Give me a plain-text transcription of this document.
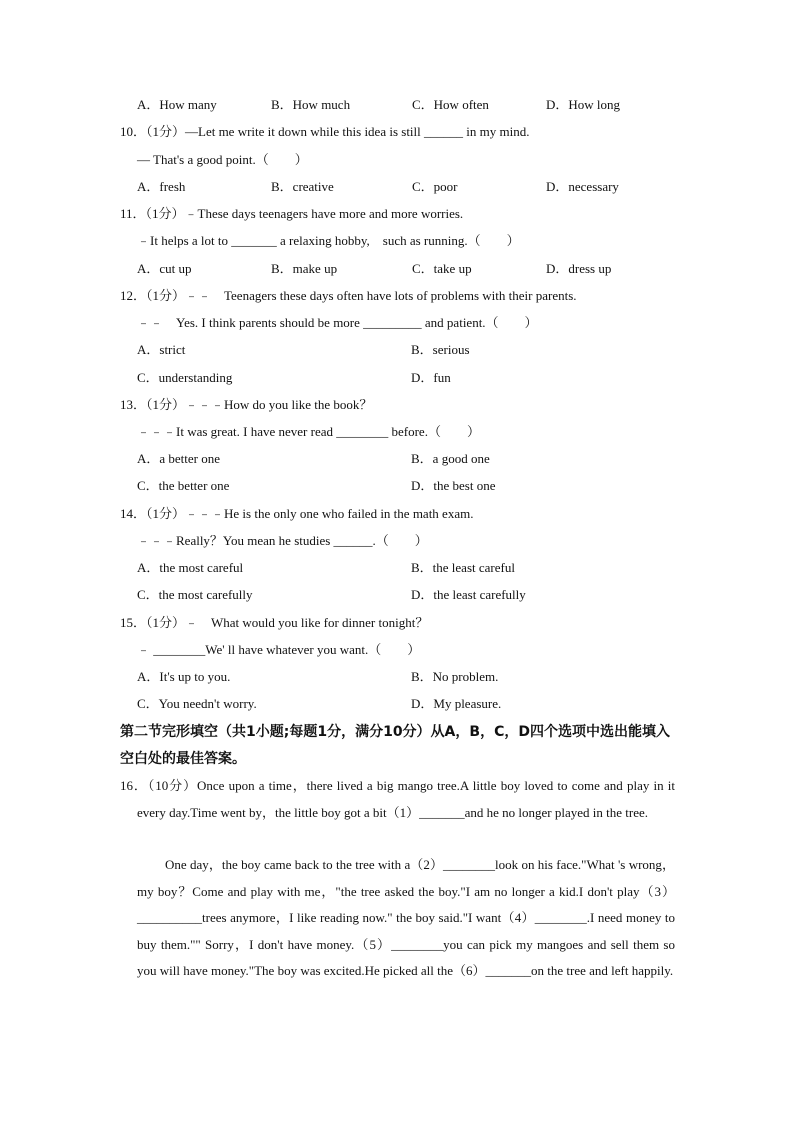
A．How many	B．How much	C．How often	D．How long
10．（1分）—Let me write it down while this idea is still ______ in my mind.
— That's a good point.（　　）
A．fresh	B．creative	C．poor	D．necessary
11．（1分）﹣These days teenagers have more and more worries.
﹣It helps a lot to _______ a relaxing hobby,　such as running.（　　）
A．cut up	B．make up	C．take up	D．dress up
12．（1分）﹣﹣　Teenagers these days often have lots of problems with their parents.
﹣﹣　Yes. I think parents should be more _________ and patient.（　　）
A．strict	B．serious
C．understanding	D．fun
13．（1分）﹣﹣﹣How do you like the book？
﹣﹣﹣It was great. I have never read ________ before.（　　）
A．a better one	B．a good one
C．the better one	D．the best one
14．（1分）﹣﹣﹣He is the only one who failed in the math exam.
﹣﹣﹣Really？You mean he studies ______.（　　）
A．the most careful	B．the least careful
C．the most carefully	D．the least carefully
15．（1分）﹣　What would you like for dinner tonight？
﹣ ________We' ll have whatever you want.（　　）
A．It's up to you.	B．No problem.
C．You needn't worry.	D．My pleasure.
第二节完形填空（共1小题;每题1分，满分10分）从A，B，C，D四个选项中选出能填入空白处的最佳答案。
16．（10分）Once upon a time，there lived a big mango tree.A little boy loved to come and play in it every day.Time went by，the little boy got a bit（1）_______and he no longer played in the tree.
One day，the boy came back to the tree with a（2）________look on his face."What 's wrong，my boy？Come and play with me，"the tree asked the boy."I am no longer a kid.I don't play（3）__________trees anymore，I like reading now." the boy said."I want（4）________.I need money to buy them."" Sorry，I don't have money.（5）________you can pick my mangoes and sell them so you will have money."The boy was excited.He picked all the（6）_______on the tree and left happily.
